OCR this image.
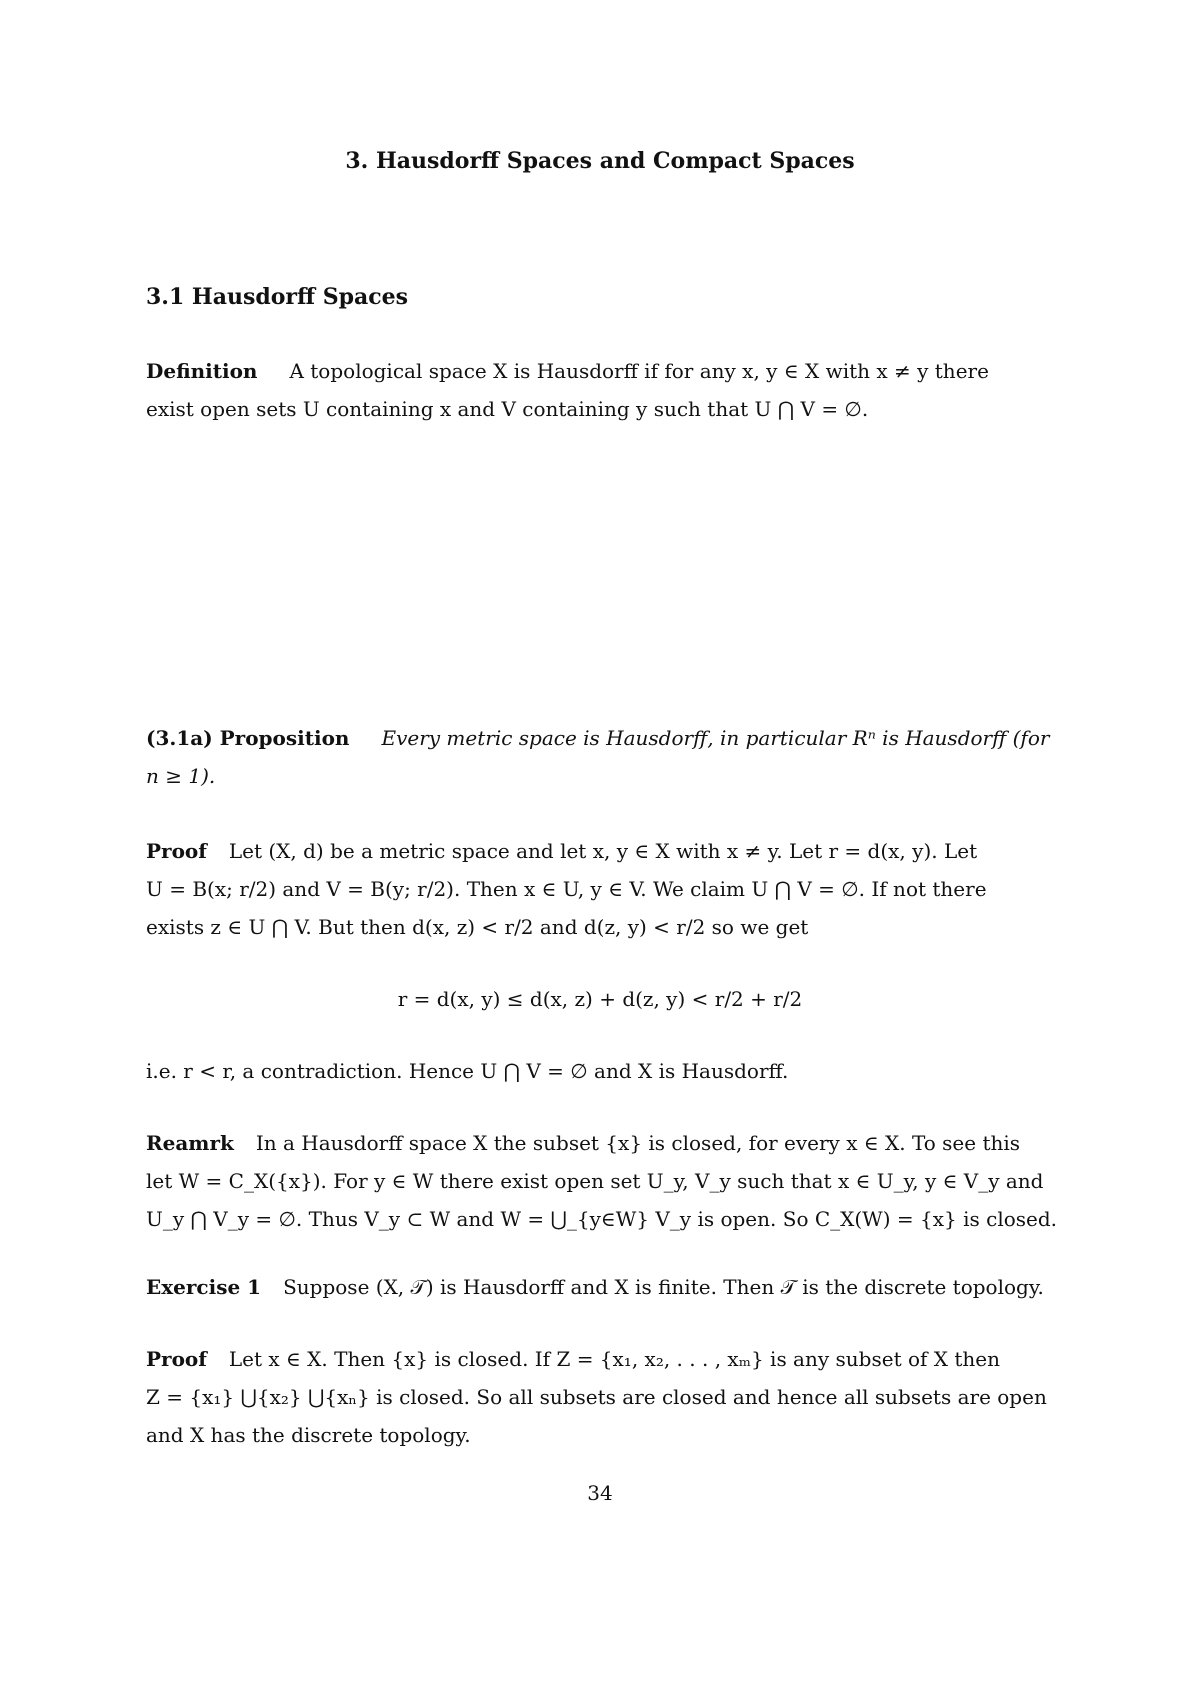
3. Hausdorff Spaces and Compact Spaces
3.1 Hausdorff Spaces
Definition A topological space X is Hausdorff if for any x, y ∈ X with x ≠ y there
exist open sets U containing x and V containing y such that U ⋂ V = ∅.
(3.1a) Proposition Every metric space is Hausdorff, in particular Rⁿ is Hausdorff (for
n ≥ 1).
Proof Let (X, d) be a metric space and let x, y ∈ X with x ≠ y. Let r = d(x, y). Let
U = B(x; r/2) and V = B(y; r/2). Then x ∈ U, y ∈ V. We claim U ⋂ V = ∅. If not there
exists z ∈ U ⋂ V. But then d(x, z) < r/2 and d(z, y) < r/2 so we get
r = d(x, y) ≤ d(x, z) + d(z, y) < r/2 + r/2
i.e. r < r, a contradiction. Hence U ⋂ V = ∅ and X is Hausdorff.
Reamrk In a Hausdorff space X the subset {x} is closed, for every x ∈ X. To see this
let W = C_X({x}). For y ∈ W there exist open set U_y, V_y such that x ∈ U_y, y ∈ V_y and
U_y ⋂ V_y = ∅. Thus V_y ⊂ W and W = ⋃_{y∈W} V_y is open. So C_X(W) = {x} is closed.
Exercise 1 Suppose (X, 𝒯) is Hausdorff and X is finite. Then 𝒯 is the discrete topology.
Proof Let x ∈ X. Then {x} is closed. If Z = {x₁, x₂, . . . , xₘ} is any subset of X then
Z = {x₁} ⋃{x₂} ⋃{xₙ} is closed. So all subsets are closed and hence all subsets are open
and X has the discrete topology.
34
